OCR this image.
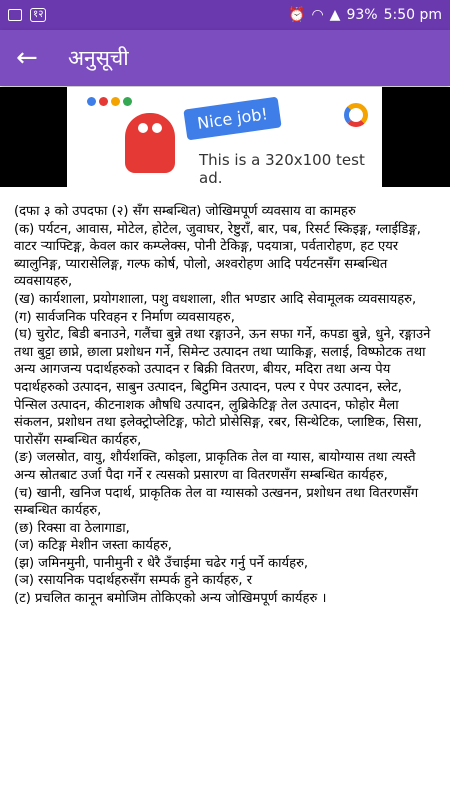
१२	⏰ ◠ ▲ 93% 5:50 pm
←	अनुसूची
Nice job!
This is a 320x100 test ad.

(दफा ३ को उपदफा (२) सँग सम्बन्धित) जोखिमपूर्ण व्यवसाय वा कामहरु

(क) पर्यटन, आवास, मोटेल, होटेल, जुवाघर, रेष्टुराँ, बार, पब, रिसर्ट स्किइङ्ग, ग्लाईडिङ्ग, वाटर र्‍याफ्टिङ्ग, केवल कार कम्प्लेक्स, पोनी टेकिङ्ग, पदयात्रा, पर्वतारोहण, हट एयर ब्यालुनिङ्ग, प्यारासेलिङ्ग, गल्फ कोर्ष, पोलो, अश्वरोहण आदि पर्यटनसँग सम्बन्धित व्यवसायहरु,

(ख) कार्यशाला, प्रयोगशाला, पशु वधशाला, शीत भण्डार आदि सेवामूलक व्यवसायहरु,

(ग) सार्वजनिक परिवहन र निर्माण व्यवसायहरु,

(घ) चुरोट, बिडी बनाउने, गलैंचा बुन्ने तथा रङ्गाउने, ऊन सफा गर्ने, कपडा बुन्ने, धुने, रङ्गाउने

तथा बुट्टा छाप्ने, छाला प्रशोधन गर्ने, सिमेन्ट उत्पादन तथा प्याकिङ्ग, सलाई, विष्फोटक तथा अन्य आगजन्य पदार्थहरुको उत्पादन र बिक्री वितरण, बीयर, मदिरा तथा अन्य पेय पदार्थहरुको उत्पादन, साबुन उत्पादन, बिटुमिन उत्पादन, पल्प र पेपर उत्पादन, स्लेट,

पेन्सिल उत्पादन, कीटनाशक औषधि उत्पादन, लुब्रिकेटिङ्ग तेल उत्पादन, फोहोर मैला संकलन, प्रशोधन तथा इलेक्ट्रोप्लेटिङ्ग, फोटो प्रोसेसिङ्ग, रबर, सिन्थेटिक, प्लाष्टिक, सिसा, पारोसँग सम्बन्धित कार्यहरु,

(ङ) जलस्रोत, वायु, शौर्यशक्ति, कोइला, प्राकृतिक तेल वा ग्यास, बायोग्यास तथा त्यस्तै अन्य स्रोतबाट उर्जा पैदा गर्ने र त्यसको प्रसारण वा वितरणसँग सम्बन्धित कार्यहरु,

(च) खानी, खनिज पदार्थ, प्राकृतिक तेल वा ग्यासको उत्खनन, प्रशोधन तथा वितरणसँग सम्बन्धित कार्यहरु,

(छ) रिक्सा वा ठेलागाडा,

(ज) कटिङ्ग मेशीन जस्ता कार्यहरु,

(झ) जमिनमुनी, पानीमुनी र धेरै उँचाईमा चढेर गर्नु पर्ने कार्यहरु,

(ञ) रसायनिक पदार्थहरुसँग सम्पर्क हुने कार्यहरु, र

(ट) प्रचलित कानून बमोजिम तोकिएको अन्य जोखिमपूर्ण कार्यहरु ।
